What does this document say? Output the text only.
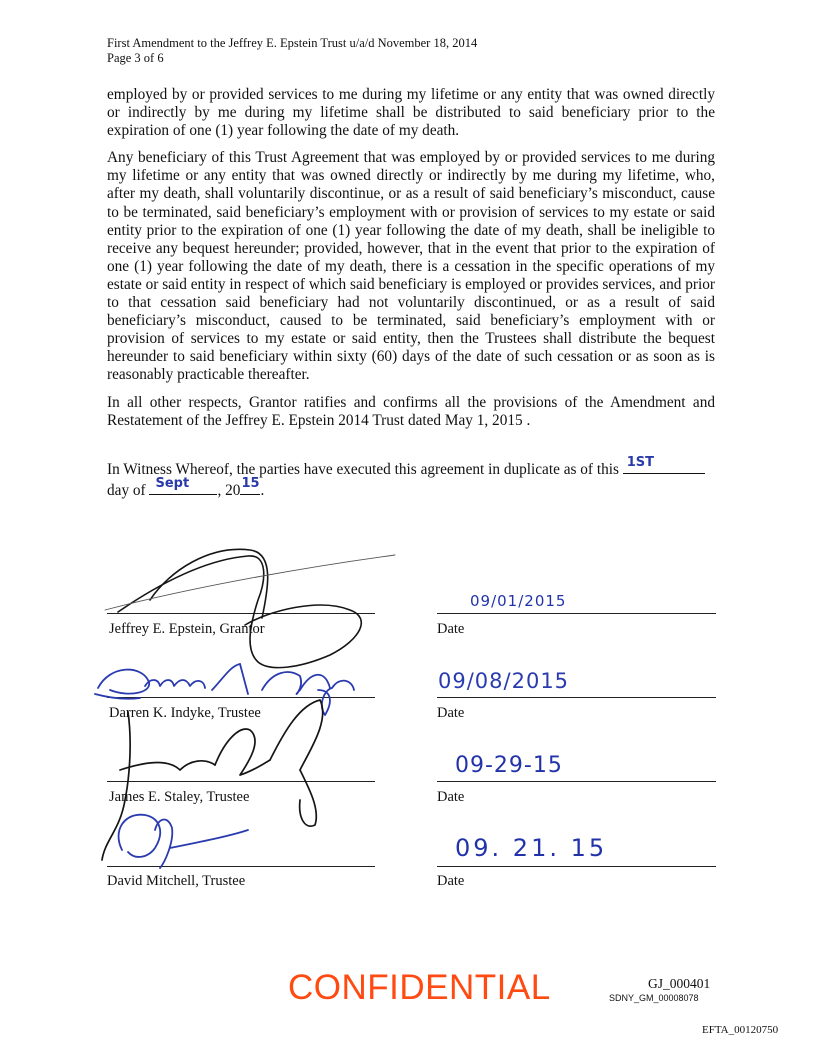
First Amendment to the Jeffrey E. Epstein Trust u/a/d November 18, 2014
Page 3 of 6

employed by or provided services to me during my lifetime or any entity that was owned directly or indirectly by me during my lifetime shall be distributed to said beneficiary prior to the expiration of one (1) year following the date of my death.

Any beneficiary of this Trust Agreement that was employed by or provided services to me during my lifetime or any entity that was owned directly or indirectly by me during my lifetime, who, after my death, shall voluntarily discontinue, or as a result of said beneficiary’s misconduct, cause to be terminated, said beneficiary’s employment with or provision of services to my estate or said entity prior to the expiration of one (1) year following the date of my death, shall be ineligible to receive any bequest hereunder; provided, however, that in the event that prior to the expiration of one (1) year following the date of my death, there is a cessation in the specific operations of my estate or said entity in respect of which said beneficiary is employed or provides services, and prior to that cessation said beneficiary had not voluntarily discontinued, or as a result of said beneficiary’s misconduct, caused to be terminated, said beneficiary’s employment with or provision of services to my estate or said entity, then the Trustees shall distribute the bequest hereunder to said beneficiary within sixty (60) days of the date of such cessation or as soon as is reasonably practicable thereafter.

In all other respects, Grantor ratifies and confirms all the provisions of the Amendment and Restatement of the Jeffrey E. Epstein 2014 Trust dated May 1, 2015 .

In Witness Whereof, the parties have executed this agreement in duplicate as of this 1ST
day of Sept , 20 15 .
Jeffrey E. Epstein, Grantor
09/01/2015
Date
Darren K. Indyke, Trustee
09/08/2015
Date
James E. Staley, Trustee
09-29-15
Date
David Mitchell, Trustee
09. 21. 15
Date
CONFIDENTIAL	GJ_000401
SDNY_GM_00008078
EFTA_00120750
